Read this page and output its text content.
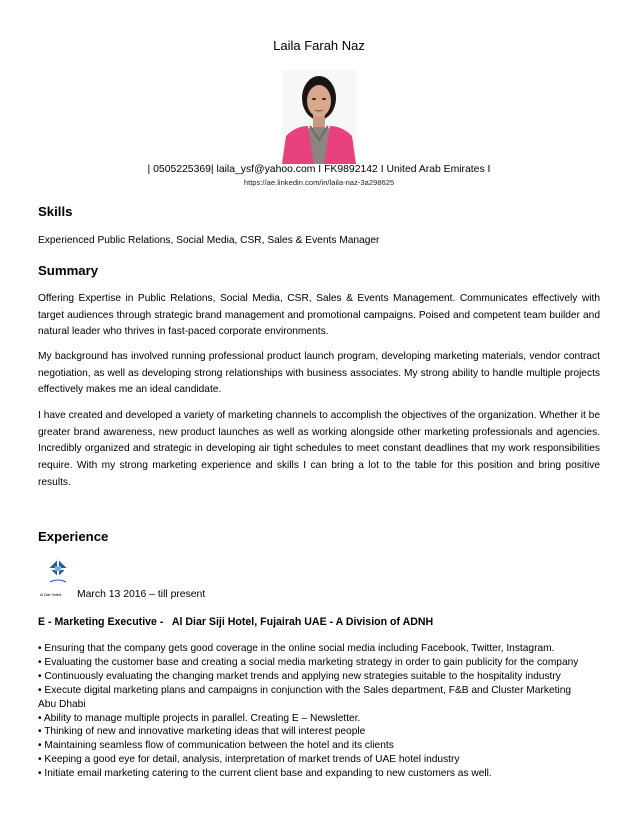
Laila Farah Naz
| 0505225369| laila_ysf@yahoo.com I FK9892142 I United Arab Emirates I
https://ae.linkedin.com/in/laila-naz-3a298625
Skills
Experienced Public Relations, Social Media, CSR, Sales & Events Manager
Summary

Offering Expertise in Public Relations, Social Media, CSR, Sales & Events Management. Communicates effectively with target audiences through strategic brand management and promotional campaigns. Poised and competent team builder and natural leader who thrives in fast-paced corporate environments.

My background has involved running professional product launch program, developing marketing materials, vendor contract negotiation, as well as developing strong relationships with business associates. My strong ability to handle multiple projects effectively makes me an ideal candidate.

I have created and developed a variety of marketing channels to accomplish the objectives of the organization. Whether it be greater brand awareness, new product launches as well as working alongside other marketing professionals and agencies. Incredibly organized and strategic in developing air tight schedules to meet constant deadlines that my work responsibilities require. With my strong marketing experience and skills I can bring a lot to the table for this position and bring positive results.

Experience
Al Diar Hotels	March 13 2016 – till present
E - Marketing Executive -   Al Diar Siji Hotel, Fujairah UAE - A Division of ADNH
• Ensuring that the company gets good coverage in the online social media including Facebook, Twitter, Instagram.
• Evaluating the customer base and creating a social media marketing strategy in order to gain publicity for the company
• Continuously evaluating the changing market trends and applying new strategies suitable to the hospitality industry
• Execute digital marketing plans and campaigns in conjunction with the Sales department, F&B and Cluster Marketing
Abu Dhabi
• Ability to manage multiple projects in parallel. Creating E – Newsletter.
• Thinking of new and innovative marketing ideas that will interest people
• Maintaining seamless flow of communication between the hotel and its clients
• Keeping a good eye for detail, analysis, interpretation of market trends of UAE hotel industry
• Initiate email marketing catering to the current client base and expanding to new customers as well.
